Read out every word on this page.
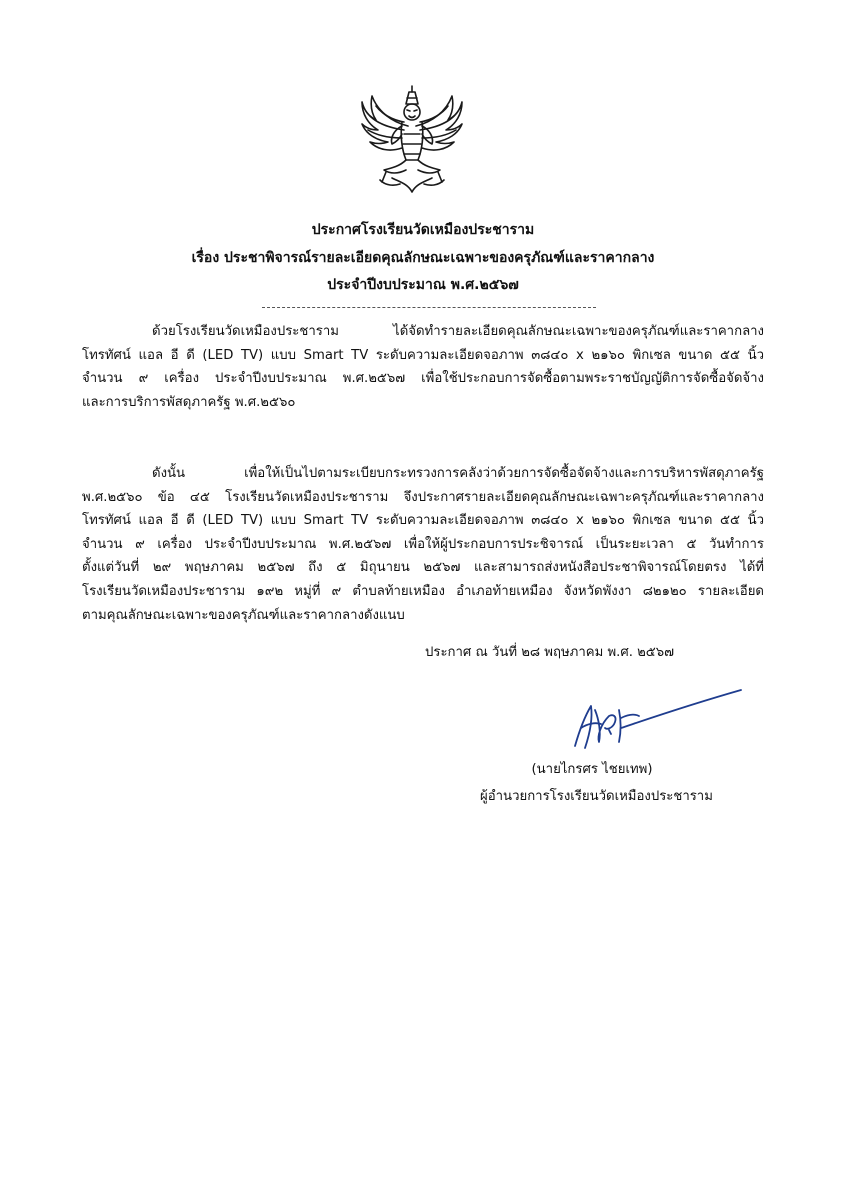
ประกาศโรงเรียนวัดเหมืองประชาราม
เรื่อง ประชาพิจารณ์รายละเอียดคุณลักษณะเฉพาะของครุภัณฑ์และราคากลาง
ประจำปีงบประมาณ พ.ศ.๒๕๖๗
ด้วยโรงเรียนวัดเหมืองประชาราม ได้จัดทำรายละเอียดคุณลักษณะเฉพาะของครุภัณฑ์และราคากลาง
โทรทัศน์ แอล อี ดี (LED TV) แบบ Smart TV ระดับความละเอียดจอภาพ ๓๘๔๐ x ๒๑๖๐ พิกเซล ขนาด ๕๕ นิ้ว
จำนวน ๙ เครื่อง ประจำปีงบประมาณ พ.ศ.๒๕๖๗ เพื่อใช้ประกอบการจัดซื้อตามพระราชบัญญัติการจัดซื้อจัดจ้าง
และการบริการพัสดุภาครัฐ พ.ศ.๒๕๖๐
ดังนั้น เพื่อให้เป็นไปตามระเบียบกระทรวงการคลังว่าด้วยการจัดซื้อจัดจ้างและการบริหารพัสดุภาครัฐ
พ.ศ.๒๕๖๐ ข้อ ๔๕ โรงเรียนวัดเหมืองประชาราม จึงประกาศรายละเอียดคุณลักษณะเฉพาะครุภัณฑ์และราคากลาง
โทรทัศน์ แอล อี ดี (LED TV) แบบ Smart TV ระดับความละเอียดจอภาพ ๓๘๔๐ x ๒๑๖๐ พิกเซล ขนาด ๕๕ นิ้ว
จำนวน ๙ เครื่อง ประจำปีงบประมาณ พ.ศ.๒๕๖๗ เพื่อให้ผู้ประกอบการประชิจารณ์ เป็นระยะเวลา ๕ วันทำการ
ตั้งแต่วันที่ ๒๙ พฤษภาคม ๒๕๖๗ ถึง ๕ มิถุนายน ๒๕๖๗ และสามารถส่งหนังสือประชาพิจารณ์โดยตรง ได้ที่
โรงเรียนวัดเหมืองประชาราม ๑๙๒ หมู่ที่ ๙ ตำบลท้ายเหมือง อำเภอท้ายเหมือง จังหวัดพังงา ๘๒๑๒๐ รายละเอียด
ตามคุณลักษณะเฉพาะของครุภัณฑ์และราคากลางดังแนบ
ประกาศ ณ วันที่ ๒๘ พฤษภาคม พ.ศ. ๒๕๖๗
(นายไกรศร ไชยเทพ)
ผู้อำนวยการโรงเรียนวัดเหมืองประชาราม
